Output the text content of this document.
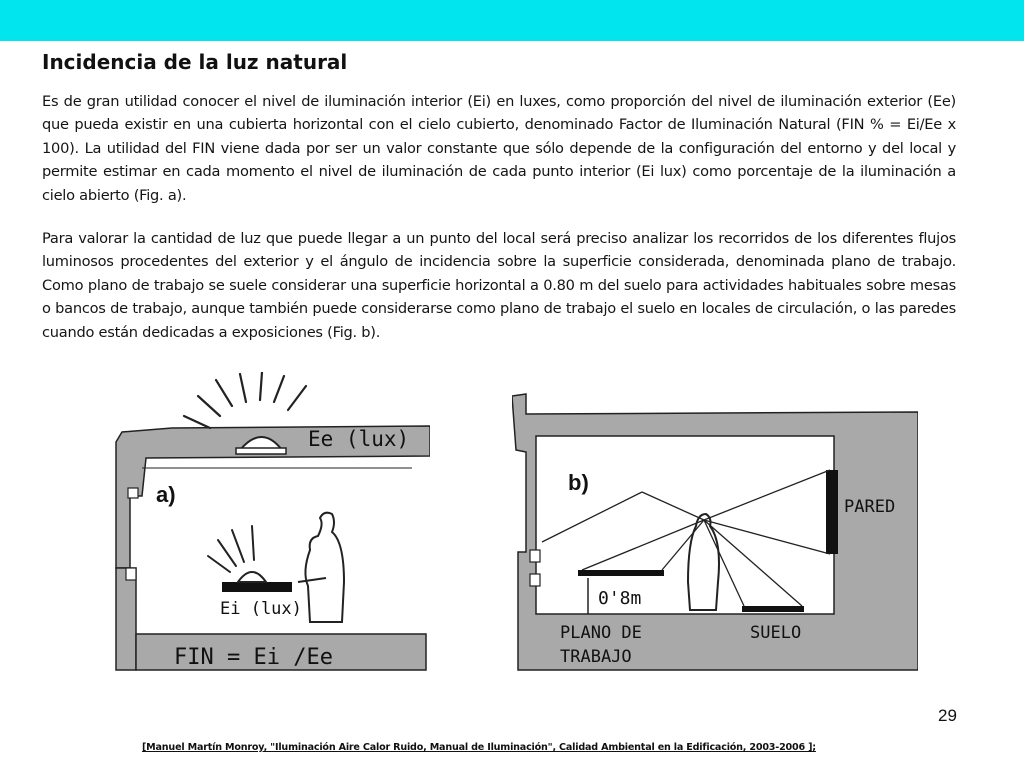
Incidencia de la luz natural

Es de gran utilidad conocer el nivel de iluminación interior (Ei) en luxes, como proporción del nivel de iluminación exterior (Ee) que pueda existir en una cubierta horizontal con el cielo cubierto, denominado Factor de Iluminación Natural (FIN % = Ei/Ee x 100). La utilidad del FIN viene dada por ser un valor constante que sólo depende de la configuración del entorno y del local y permite estimar en cada momento el nivel de iluminación de cada punto interior (Ei lux) como porcentaje de la iluminación a cielo abierto (Fig. a).

Para valorar la cantidad de luz que puede llegar a un punto del local será preciso analizar los recorridos de los diferentes flujos luminosos procedentes del exterior y el ángulo de incidencia sobre la superficie considerada, denominada plano de trabajo. Como plano de trabajo se suele considerar una superficie horizontal a 0.80 m del suelo para actividades habituales sobre mesas o bancos de trabajo, aunque también puede considerarse como plano de trabajo el suelo en locales de circulación, o las paredes cuando están dedicadas a exposiciones (Fig. b).

a)
Ee (lux)
Ei (lux)
FIN = Ei /Ee
b)
PARED
0'8m
PLANO DE
TRABAJO
SUELO
29
[Manuel Martín Monroy, "Iluminación Aire Calor Ruido, Manual de Iluminación", Calidad Ambiental en la Edificación, 2003-2006 ];
